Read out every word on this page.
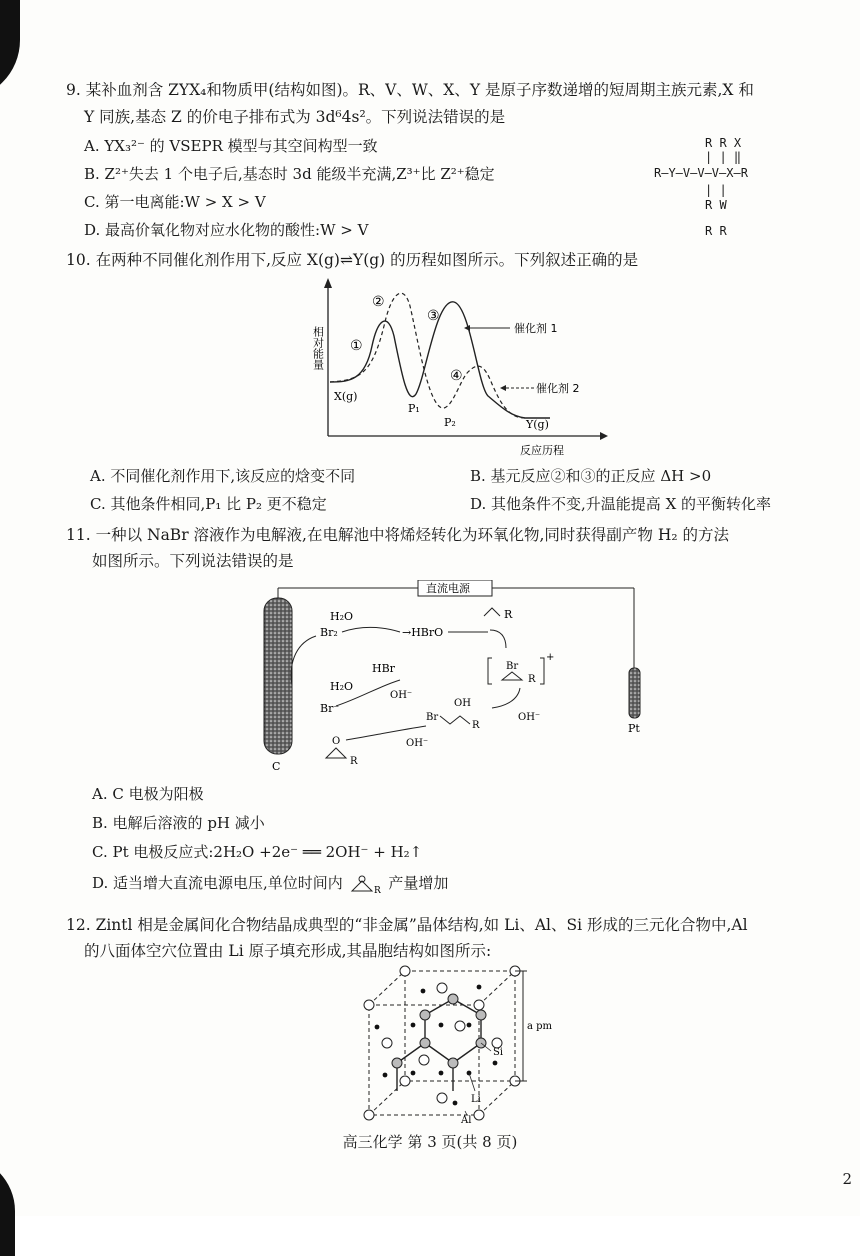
9. 某补血剂含 ZYX₄和物质甲(结构如图)。R、V、W、X、Y 是原子序数递增的短周期主族元素,X 和
Y 同族,基态 Z 的价电子排布式为 3d⁶4s²。下列说法错误的是
A. YX₃²⁻ 的 VSEPR 模型与其空间构型一致
B. Z²⁺失去 1 个电子后,基态时 3d 能级半充满,Z³⁺比 Z²⁺稳定
C. 第一电离能:W > X > V
D. 最高价氧化物对应水化物的酸性:W > V
R R X
| | ‖
R—Y—V—V—V—X—R
| |
R W
R R
10. 在两种不同催化剂作用下,反应 X(g)⇌Y(g) 的历程如图所示。下列叙述正确的是
相对能量
反应历程
①
②
③
④
X(g)
P₁
P₂	Y(g)
催化剂 1
催化剂 2
A. 不同催化剂作用下,该反应的焓变不同	B. 基元反应②和③的正反应 ΔH >0
C. 其他条件相同,P₁ 比 P₂ 更不稳定	D. 其他条件不变,升温能提高 X 的平衡转化率
11. 一种以 NaBr 溶液作为电解液,在电解池中将烯烃转化为环氧化物,同时获得副产物 H₂ 的方法
如图所示。下列说法错误的是
直流电源
C
Pt
H₂O
Br₂	→HBrO
R
Br
R
+
HBr
H₂O
OH⁻
Br⁻
OH⁻
Br
OH
R
OH⁻
O
R
A. C 电极为阳极
B. 电解后溶液的 pH 减小
C. Pt 电极反应式:2H₂O +2e⁻ ══ 2OH⁻ + H₂↑
D. 适当增大直流电源电压,单位时间内	R 产量增加
12. Zintl 相是金属间化合物结晶成典型的“非金属”晶体结构,如 Li、Al、Si 形成的三元化合物中,Al
的八面体空穴位置由 Li 原子填充形成,其晶胞结构如图所示:
a pm
Si
Li
Al
高三化学 第 3 页(共 8 页)
2
